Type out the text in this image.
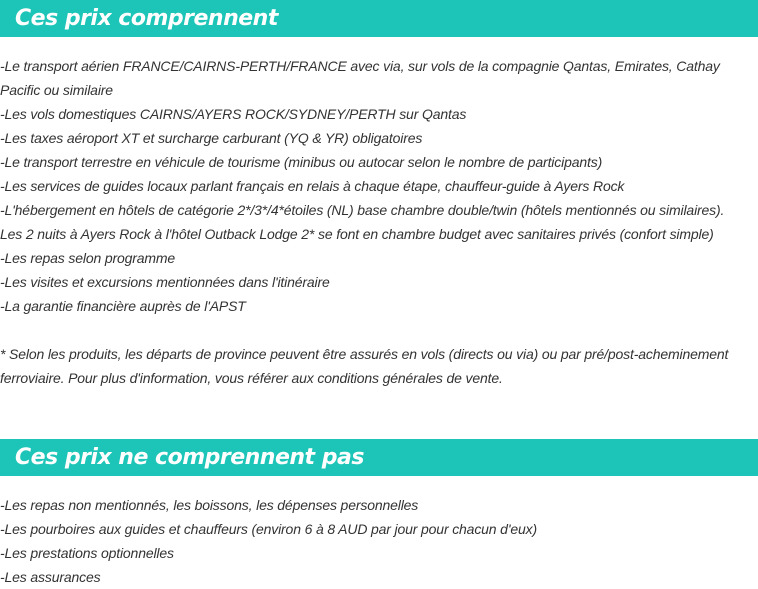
Ces prix comprennent
-Le transport aérien FRANCE/CAIRNS-PERTH/FRANCE avec via, sur vols de la compagnie Qantas, Emirates, Cathay
Pacific ou similaire
-Les vols domestiques CAIRNS/AYERS ROCK/SYDNEY/PERTH sur Qantas
-Les taxes aéroport XT et surcharge carburant (YQ & YR) obligatoires
-Le transport terrestre en véhicule de tourisme (minibus ou autocar selon le nombre de participants)
-Les services de guides locaux parlant français en relais à chaque étape, chauffeur-guide à Ayers Rock
-L'hébergement en hôtels de catégorie 2*/3*/4*étoiles (NL) base chambre double/twin (hôtels mentionnés ou similaires).
Les 2 nuits à Ayers Rock à l'hôtel Outback Lodge 2* se font en chambre budget avec sanitaires privés (confort simple)
-Les repas selon programme
-Les visites et excursions mentionnées dans l'itinéraire
-La garantie financière auprès de l'APST
* Selon les produits, les départs de province peuvent être assurés en vols (directs ou via) ou par pré/post-acheminement
ferroviaire. Pour plus d'information, vous référer aux conditions générales de vente.
Ces prix ne comprennent pas
-Les repas non mentionnés, les boissons, les dépenses personnelles
-Les pourboires aux guides et chauffeurs (environ 6 à 8 AUD par jour pour chacun d'eux)
-Les prestations optionnelles
-Les assurances
